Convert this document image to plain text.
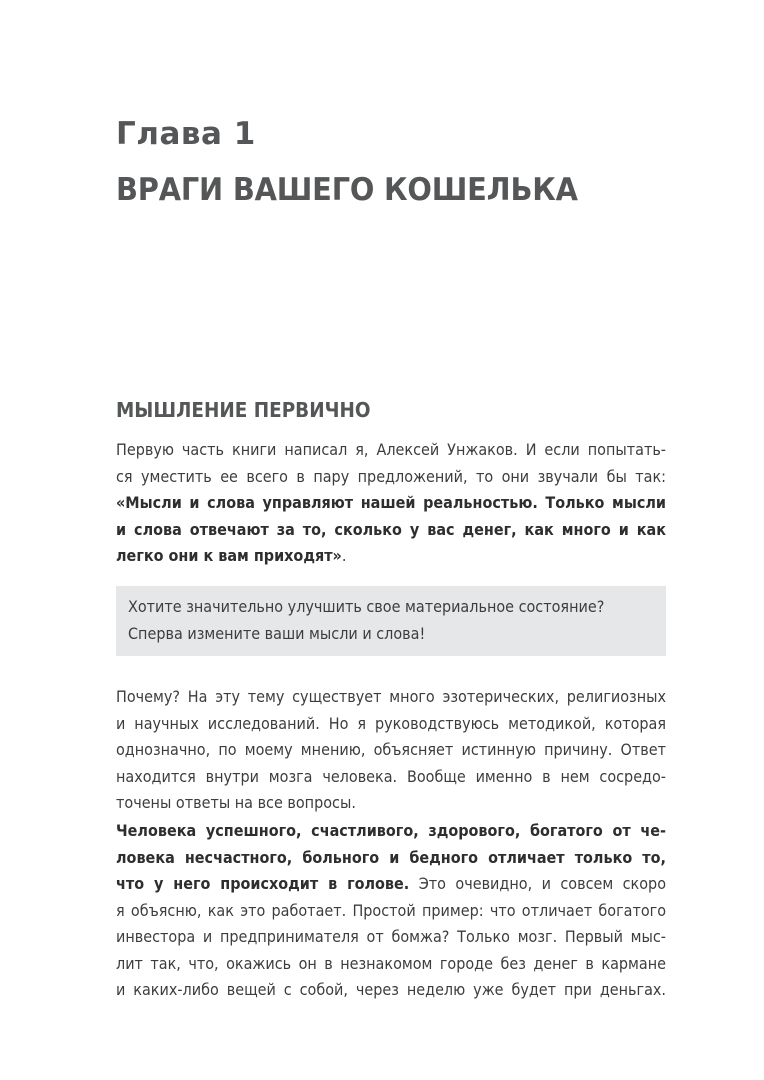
Глава 1
ВРАГИ ВАШЕГО КОШЕЛЬКА
МЫШЛЕНИЕ ПЕРВИЧНО
Первую часть книги написал я, Алексей Унжаков. И если попытать-
ся уместить ее всего в пару предложений, то они звучали бы так:
«Мысли и слова управляют нашей реальностью. Только мысли
и слова отвечают за то, сколько у вас денег, как много и как
легко они к вам приходят».
Хотите значительно улучшить свое материальное состояние?
Сперва измените ваши мысли и слова!
Почему? На эту тему существует много эзотерических, религиозных
и научных исследований. Но я руководствуюсь методикой, которая
однозначно, по моему мнению, объясняет истинную причину. Ответ
находится внутри мозга человека. Вообще именно в нем сосредо-
точены ответы на все вопросы.
Человека успешного, счастливого, здорового, богатого от че-
ловека несчастного, больного и бедного отличает только то,
что у него происходит в голове. Это очевидно, и совсем скоро
я объясню, как это работает. Простой пример: что отличает богатого
инвестора и предпринимателя от бомжа? Только мозг. Первый мыс-
лит так, что, окажись он в незнакомом городе без денег в кармане
и каких-либо вещей с собой, через неделю уже будет при деньгах.
